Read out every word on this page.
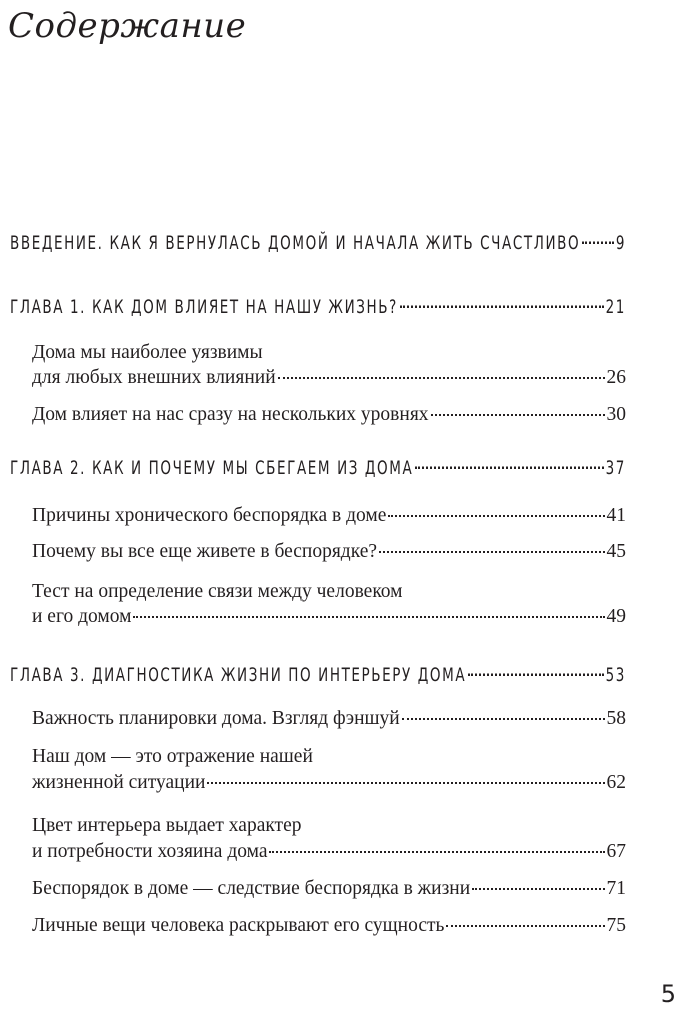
Содержание
ВВЕДЕНИЕ. КАК Я ВЕРНУЛАСЬ ДОМОЙ И НАЧАЛА ЖИТЬ СЧАСТЛИВО 9
ГЛАВА 1. КАК ДОМ ВЛИЯЕТ НА НАШУ ЖИЗНЬ?	21
Дома мы наиболее уязвимы
для любых внешних влияний	26
Дом влияет на нас сразу на нескольких уровнях	30
ГЛАВА 2. КАК И ПОЧЕМУ МЫ СБЕГАЕМ ИЗ ДОМА	37
Причины хронического беспорядка в доме	41
Почему вы все еще живете в беспорядке?	45
Тест на определение связи между человеком
и его домом	49
ГЛАВА 3. ДИАГНОСТИКА ЖИЗНИ ПО ИНТЕРЬЕРУ ДОМА	53
Важность планировки дома. Взгляд фэншуй	58
Наш дом — это отражение нашей
жизненной ситуации	62
Цвет интерьера выдает характер
и потребности хозяина дома	67
Беспорядок в доме — следствие беспорядка в жизни	71
Личные вещи человека раскрывают его сущность	75
5
